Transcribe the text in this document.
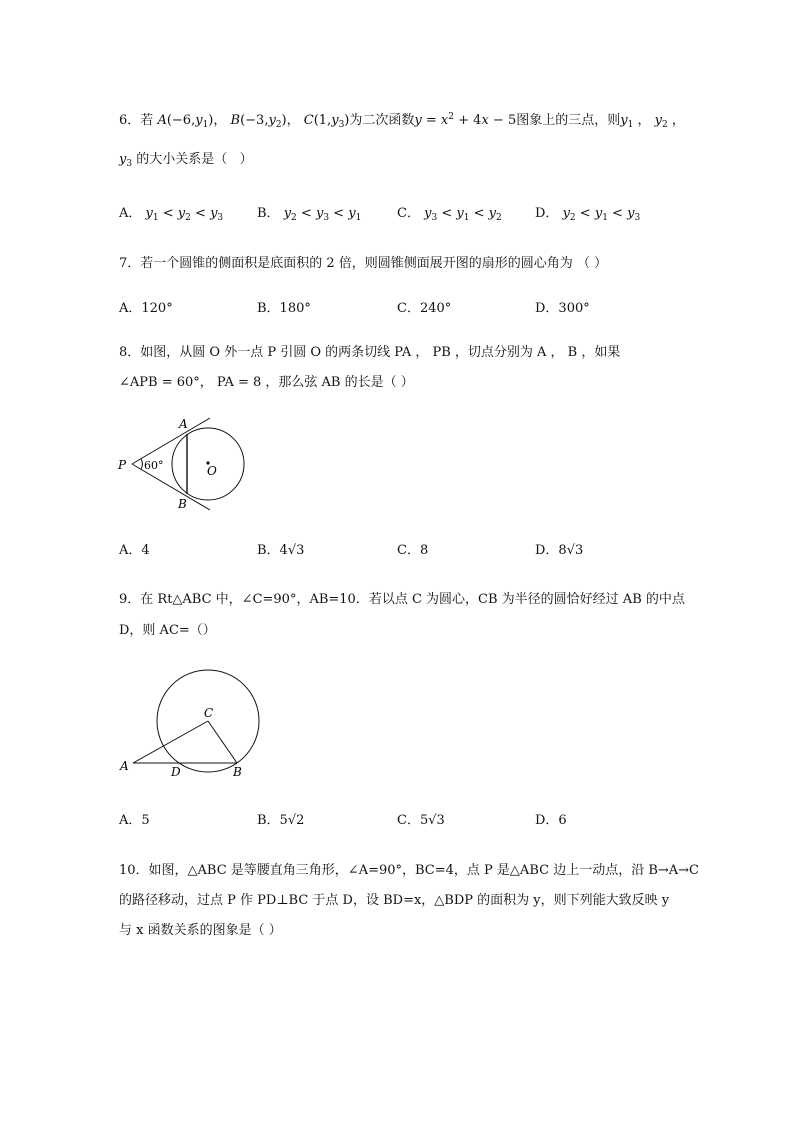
6．若 $A(-6,y_1)$， $B(-3,y_2)$， $C(1,y_3)$为二次函数$y = x^2 + 4x - 5$图象上的三点，则$y_1$ ， $y_2$ ，
$y_3$ 的大小关系是（   ）
A． $y_1 < y_2 < y_3$	B． $y_2 < y_3 < y_1$	C． $y_3 < y_1 < y_2$	D． $y_2 < y_1 < y_3$
7．若一个圆锥的侧面积是底面积的 2 倍，则圆锥侧面展开图的扇形的圆心角为 （ ）
A．120°	B．180°	C．240°	D．300°
8．如图，从圆 O 外一点 P 引圆 O 的两条切线 PA ， PB ，切点分别为 A ， B ，如果
∠APB = 60°， PA = 8 ，那么弦 AB 的长是（ ）
P
A
B
O
60°
A．4	B．4√3	C．8	D．8√3
9．在 Rt△ABC 中，∠C=90°，AB=10．若以点 C 为圆心，CB 为半径的圆恰好经过 AB 的中点
D，则 AC=（）
A	B
C
D
A．5	B．5√2	C．5√3	D．6
10．如图，△ABC 是等腰直角三角形，∠A=90°，BC=4，点 P 是△ABC 边上一动点，沿 B→A→C
的路径移动，过点 P 作 PD⊥BC 于点 D，设 BD=x，△BDP 的面积为 y，则下列能大致反映 y
与 x 函数关系的图象是（ ）
